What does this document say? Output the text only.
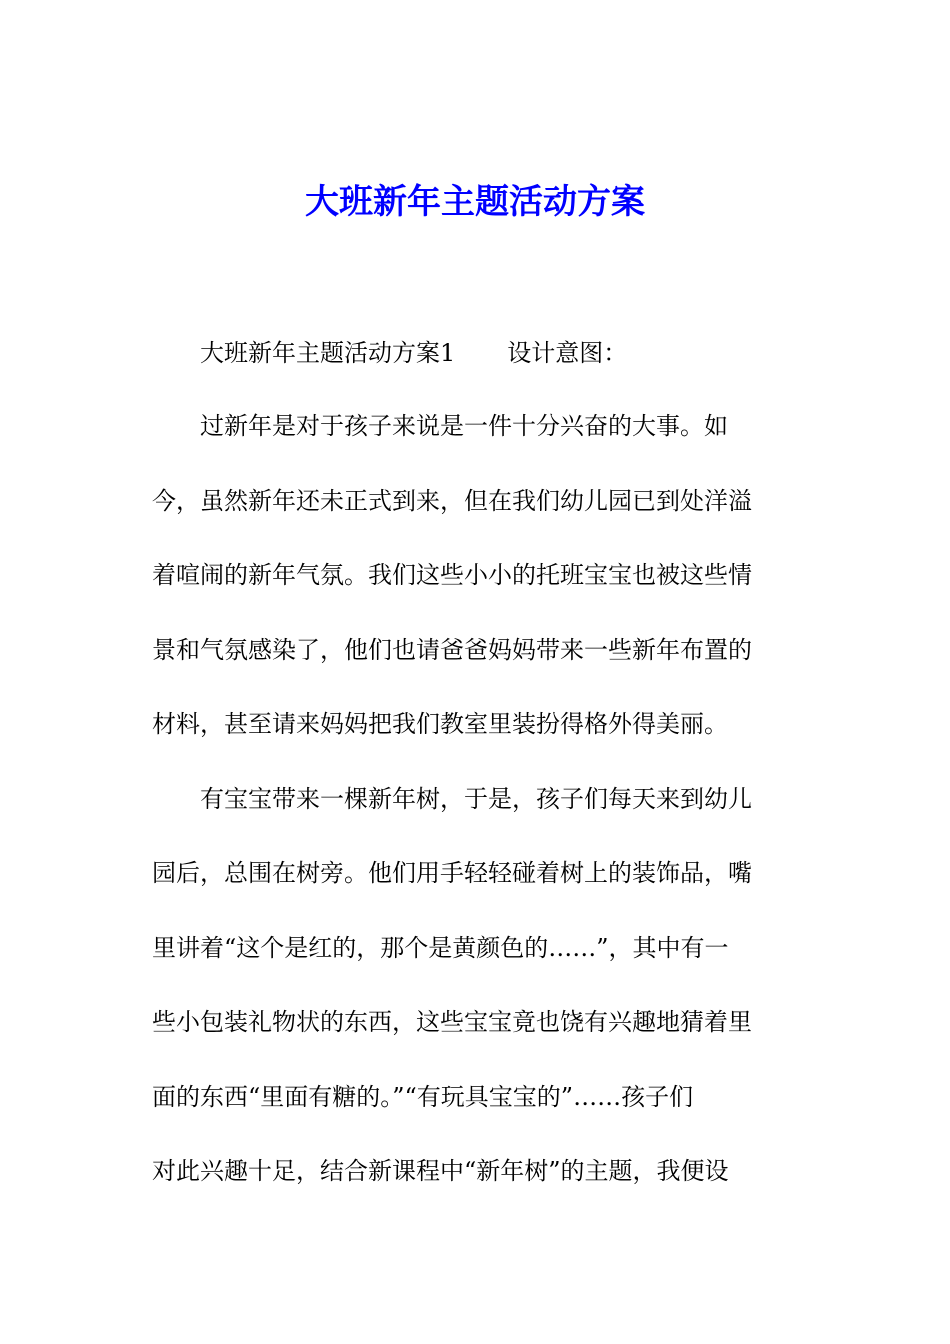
大班新年主题活动方案

大班新年主题活动方案1 设计意图：

过新年是对于孩子来说是一件十分兴奋的大事。如

今，虽然新年还未正式到来，但在我们幼儿园已到处洋溢

着喧闹的新年气氛。我们这些小小的托班宝宝也被这些情

景和气氛感染了，他们也请爸爸妈妈带来一些新年布置的

材料，甚至请来妈妈把我们教室里装扮得格外得美丽。

有宝宝带来一棵新年树，于是，孩子们每天来到幼儿

园后，总围在树旁。他们用手轻轻碰着树上的装饰品，嘴

里讲着“这个是红的，那个是黄颜色的……”，其中有一

些小包装礼物状的东西，这些宝宝竟也饶有兴趣地猜着里

面的东西“里面有糖的。”“有玩具宝宝的”……孩子们

对此兴趣十足，结合新课程中“新年树”的主题，我便设
